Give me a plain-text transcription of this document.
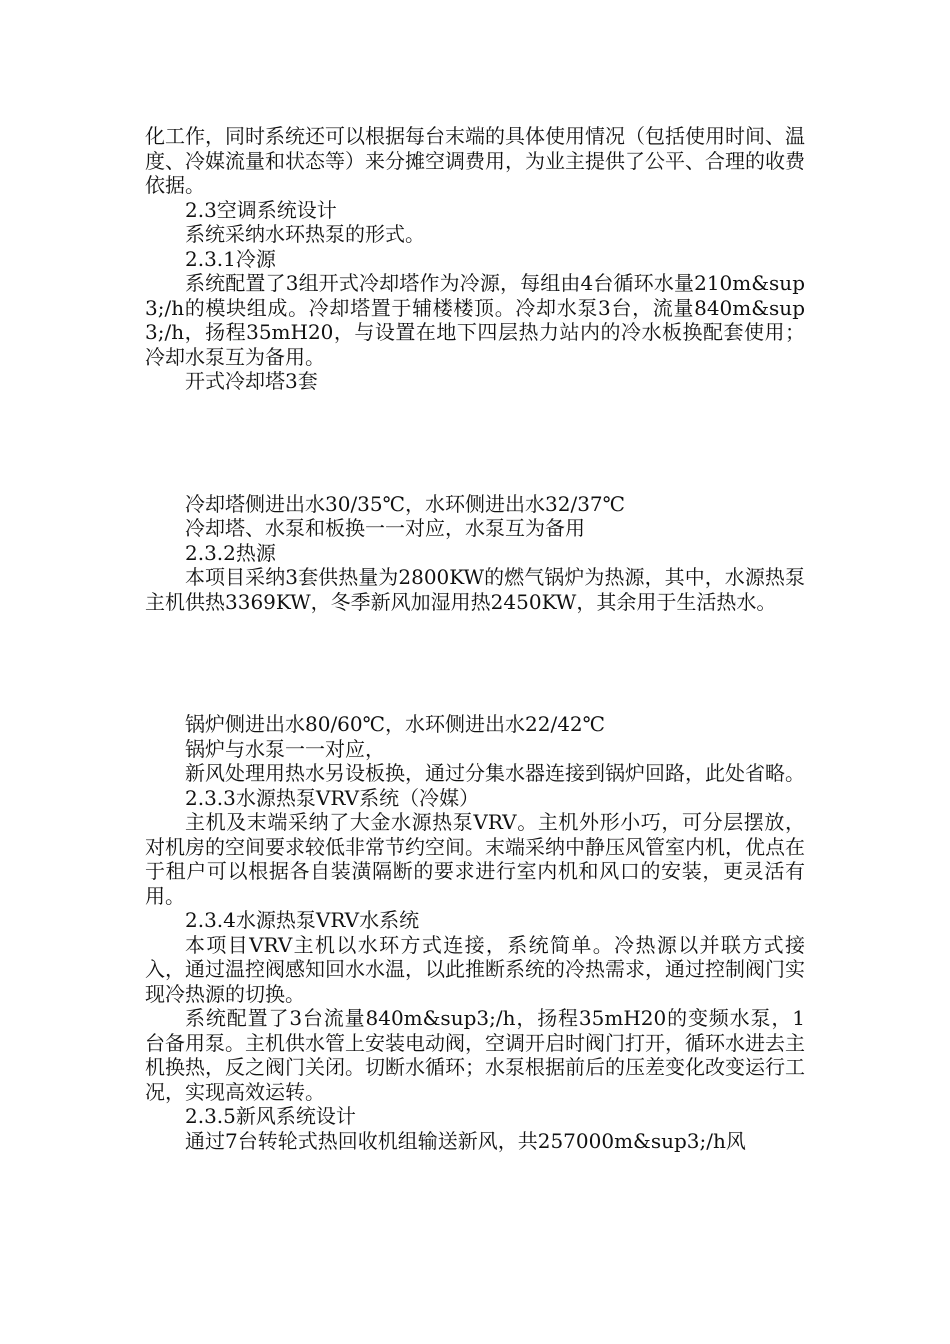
化工作，同时系统还可以根据每台末端的具体使用情况（包括使用时间、温度、冷媒流量和状态等）来分摊空调费用，为业主提供了公平、合理的收费依据。

2.3空调系统设计

系统采纳水环热泵的形式。

2.3.1冷源

系统配置了3组开式冷却塔作为冷源，每组由4台循环水量210m&sup3;/h的模块组成。冷却塔置于辅楼楼顶。冷却水泵3台，流量840m&sup3;/h，扬程35mH20，与设置在地下四层热力站内的冷水板换配套使用；冷却水泵互为备用。

开式冷却塔3套

冷却塔侧进出水30/35℃，水环侧进出水32/37℃

冷却塔、水泵和板换一一对应，水泵互为备用

2.3.2热源

本项目采纳3套供热量为2800KW的燃气锅炉为热源，其中，水源热泵主机供热3369KW，冬季新风加湿用热2450KW，其余用于生活热水。

锅炉侧进出水80/60℃，水环侧进出水22/42℃

锅炉与水泵一一对应，

新风处理用热水另设板换，通过分集水器连接到锅炉回路，此处省略。

2.3.3水源热泵VRV系统（冷媒）

主机及末端采纳了大金水源热泵VRV。主机外形小巧，可分层摆放，对机房的空间要求较低非常节约空间。末端采纳中静压风管室内机，优点在于租户可以根据各自装潢隔断的要求进行室内机和风口的安装，更灵活有用。

2.3.4水源热泵VRV水系统

本项目VRV主机以水环方式连接，系统简单。冷热源以并联方式接入，通过温控阀感知回水水温，以此推断系统的冷热需求，通过控制阀门实现冷热源的切换。

系统配置了3台流量840m&sup3;/h，扬程35mH20的变频水泵，1台备用泵。主机供水管上安装电动阀，空调开启时阀门打开，循环水进去主机换热，反之阀门关闭。切断水循环；水泵根据前后的压差变化改变运行工况，实现高效运转。

2.3.5新风系统设计

通过7台转轮式热回收机组输送新风，共257000m&sup3;/h风
